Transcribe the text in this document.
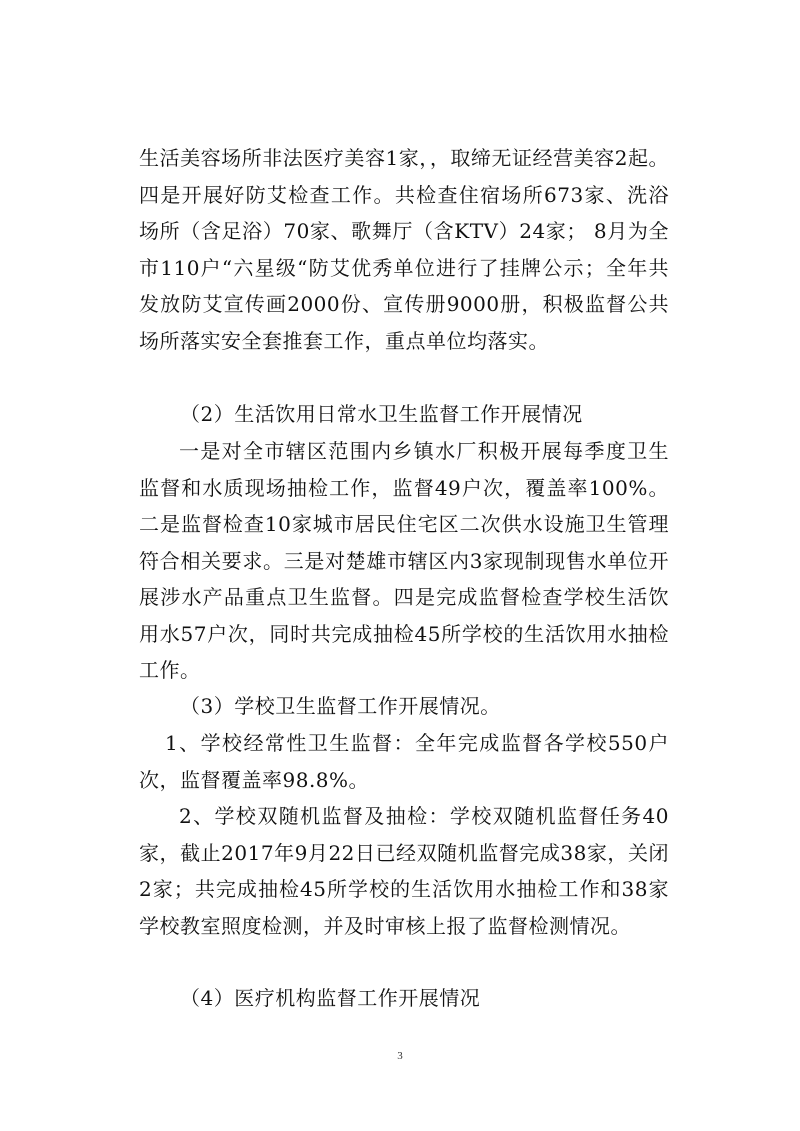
生活美容场所非法医疗美容1家，，取缔无证经营美容2起。四是开展好防艾检查工作。共检查住宿场所673家、洗浴场所（含足浴）70家、歌舞厅（含KTV）24家； 8月为全市110户“六星级“防艾优秀单位进行了挂牌公示；全年共发放防艾宣传画2000份、宣传册9000册，积极监督公共场所落实安全套推套工作，重点单位均落实。

（2）生活饮用日常水卫生监督工作开展情况

一是对全市辖区范围内乡镇水厂积极开展每季度卫生监督和水质现场抽检工作，监督49户次，覆盖率100%。二是监督检查10家城市居民住宅区二次供水设施卫生管理符合相关要求。三是对楚雄市辖区内3家现制现售水单位开展涉水产品重点卫生监督。四是完成监督检查学校生活饮用水57户次，同时共完成抽检45所学校的生活饮用水抽检工作。

（3）学校卫生监督工作开展情况。

1、学校经常性卫生监督：全年完成监督各学校550户次，监督覆盖率98.8%。

2、学校双随机监督及抽检：学校双随机监督任务40家，截止2017年9月22日已经双随机监督完成38家，关闭2家；共完成抽检45所学校的生活饮用水抽检工作和38家学校教室照度检测，并及时审核上报了监督检测情况。

（4）医疗机构监督工作开展情况

3
